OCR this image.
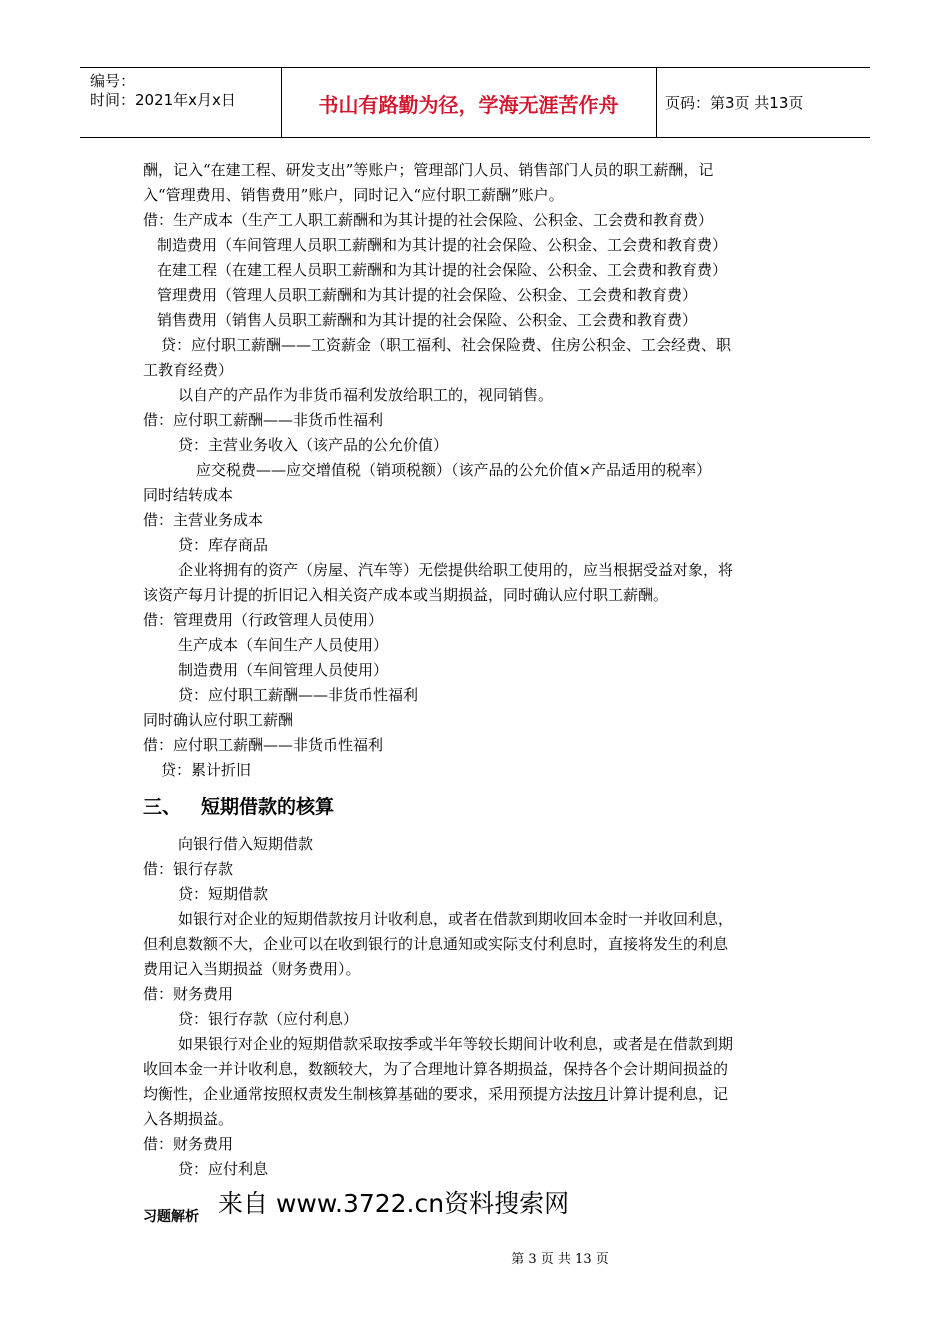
编号：
时间：2021年x月x日	书山有路勤为径，学海无涯苦作舟	页码：第3页 共13页
酬，记入“在建工程、研发支出”等账户；管理部门人员、销售部门人员的职工薪酬，记
入“管理费用、销售费用”账户，同时记入“应付职工薪酬”账户。
借：生产成本（生产工人职工薪酬和为其计提的社会保险、公积金、工会费和教育费）
制造费用（车间管理人员职工薪酬和为其计提的社会保险、公积金、工会费和教育费）
在建工程（在建工程人员职工薪酬和为其计提的社会保险、公积金、工会费和教育费）
管理费用（管理人员职工薪酬和为其计提的社会保险、公积金、工会费和教育费）
销售费用（销售人员职工薪酬和为其计提的社会保险、公积金、工会费和教育费）
贷：应付职工薪酬——工资薪金（职工福利、社会保险费、住房公积金、工会经费、职
工教育经费）
以自产的产品作为非货币福利发放给职工的，视同销售。
借：应付职工薪酬——非货币性福利
贷：主营业务收入（该产品的公允价值）
应交税费——应交增值税（销项税额）（该产品的公允价值×产品适用的税率）
同时结转成本
借：主营业务成本
贷：库存商品
企业将拥有的资产（房屋、汽车等）无偿提供给职工使用的，应当根据受益对象，将
该资产每月计提的折旧记入相关资产成本或当期损益，同时确认应付职工薪酬。
借：管理费用（行政管理人员使用）
生产成本（车间生产人员使用）
制造费用（车间管理人员使用）
贷：应付职工薪酬——非货币性福利
同时确认应付职工薪酬
借：应付职工薪酬——非货币性福利
贷：累计折旧
三、 短期借款的核算
向银行借入短期借款
借：银行存款
贷：短期借款
如银行对企业的短期借款按月计收利息，或者在借款到期收回本金时一并收回利息，
但利息数额不大，企业可以在收到银行的计息通知或实际支付利息时，直接将发生的利息
费用记入当期损益（财务费用）。
借：财务费用
贷：银行存款（应付利息）
如果银行对企业的短期借款采取按季或半年等较长期间计收利息，或者是在借款到期
收回本金一并计收利息，数额较大，为了合理地计算各期损益，保持各个会计期间损益的
均衡性，企业通常按照权责发生制核算基础的要求，采用预提方法按月计算计提利息，记
入各期损益。
借：财务费用
贷：应付利息
习题解析 来自 www.3722.cn资料搜索网
第 3 页 共 13 页
